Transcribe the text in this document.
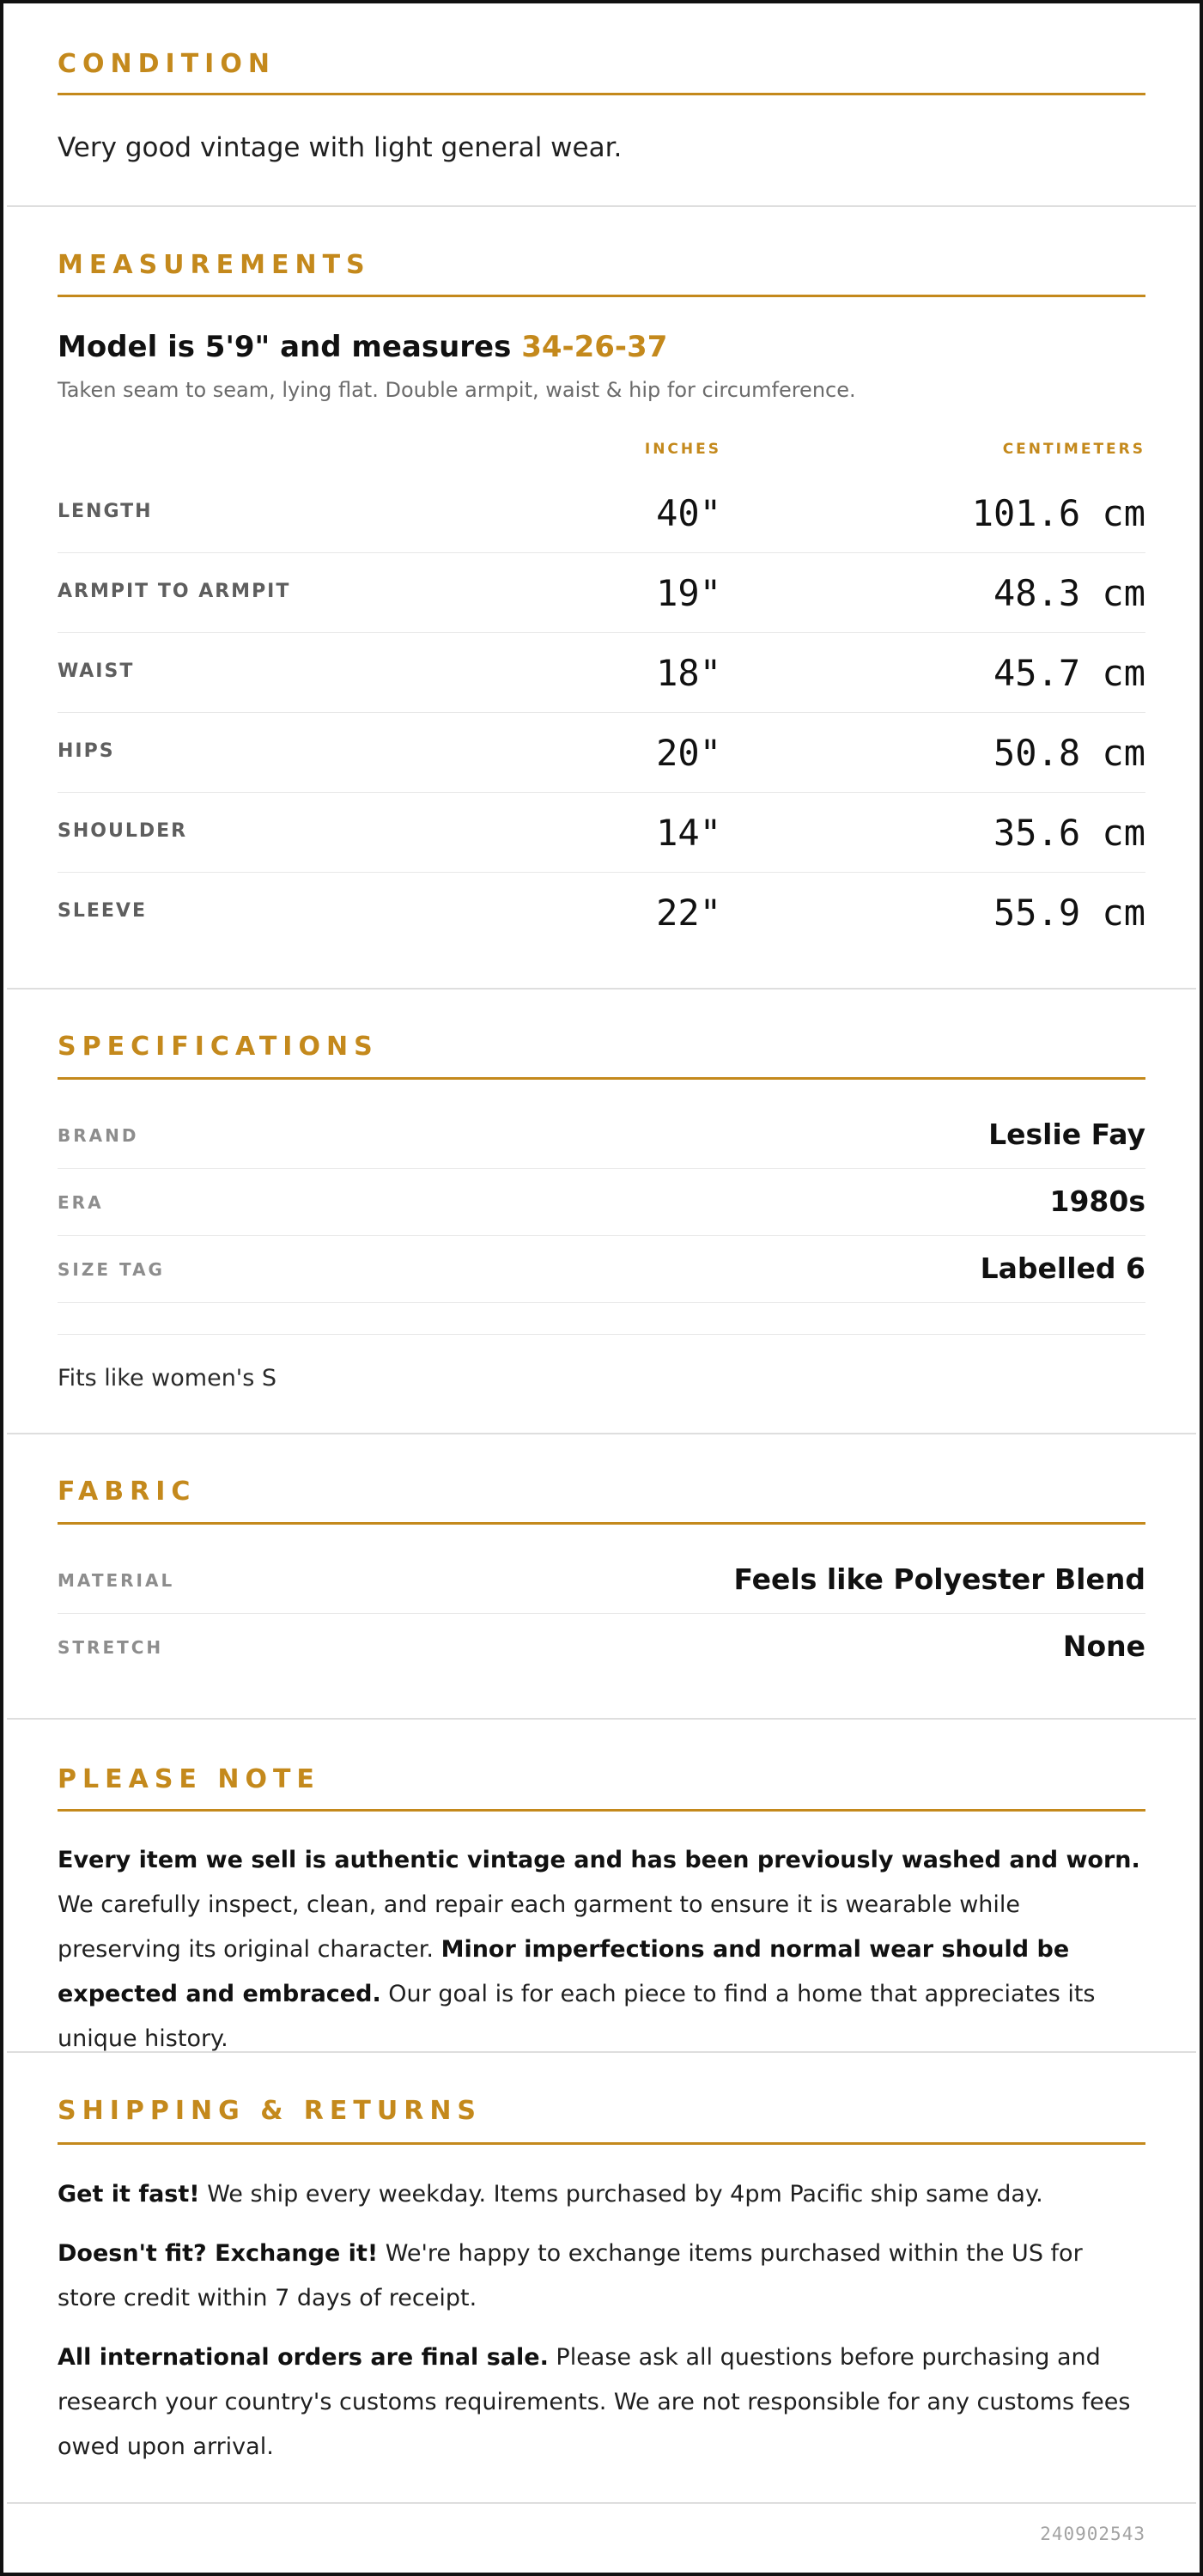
CONDITION
Very good vintage with light general wear.
MEASUREMENTS
Model is 5'9" and measures 34-26-37
Taken seam to seam, lying flat. Double armpit, waist & hip for circumference.
INCHES	CENTIMETERS
LENGTH	40"	101.6 cm
ARMPIT TO ARMPIT	19"	48.3 cm
WAIST	18"	45.7 cm
HIPS	20"	50.8 cm
SHOULDER	14"	35.6 cm
SLEEVE	22"	55.9 cm
SPECIFICATIONS
BRAND	Leslie Fay
ERA	1980s
SIZE TAG	Labelled 6
Fits like women's S
FABRIC
MATERIAL	Feels like Polyester Blend
STRETCH	None
PLEASE NOTE
Every item we sell is authentic vintage and has been previously washed and worn. We carefully inspect, clean, and repair each garment to ensure it is wearable while preserving its original character. Minor imperfections and normal wear should be expected and embraced. Our goal is for each piece to find a home that appreciates its unique history.
SHIPPING & RETURNS
Get it fast! We ship every weekday. Items purchased by 4pm Pacific ship same day.
Doesn't fit? Exchange it! We're happy to exchange items purchased within the US for store credit within 7 days of receipt.
All international orders are final sale. Please ask all questions before purchasing and research your country's customs requirements. We are not responsible for any customs fees owed upon arrival.
240902543
